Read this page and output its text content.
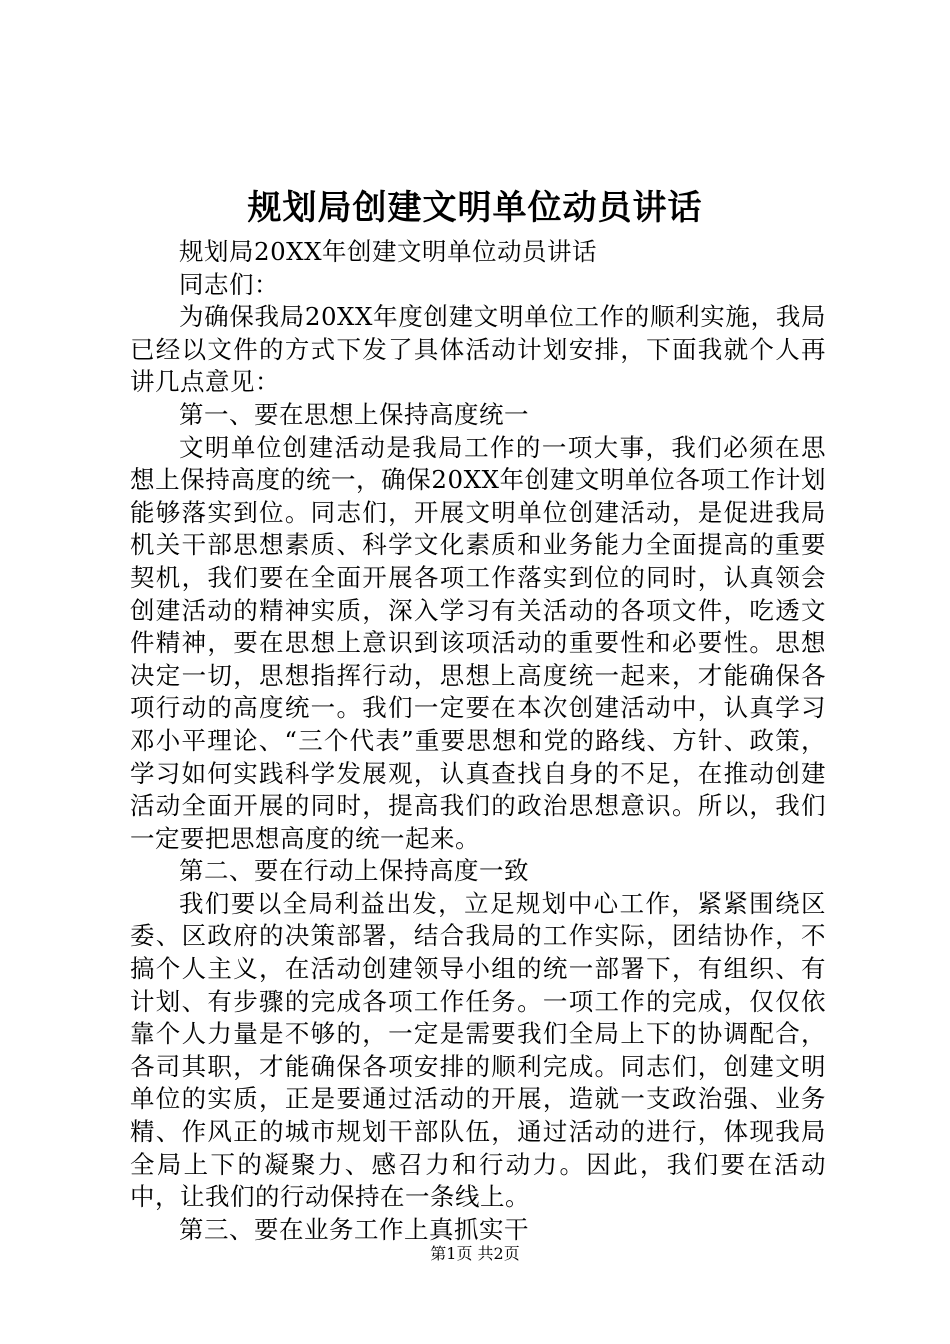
规划局创建文明单位动员讲话

规划局20XX年创建文明单位动员讲话

同志们：

为确保我局20XX年度创建文明单位工作的顺利实施，我局已经以文件的方式下发了具体活动计划安排，下面我就个人再讲几点意见：

第一、要在思想上保持高度统一

文明单位创建活动是我局工作的一项大事，我们必须在思想上保持高度的统一，确保20XX年创建文明单位各项工作计划能够落实到位。同志们，开展文明单位创建活动，是促进我局机关干部思想素质、科学文化素质和业务能力全面提高的重要契机，我们要在全面开展各项工作落实到位的同时，认真领会创建活动的精神实质，深入学习有关活动的各项文件，吃透文件精神，要在思想上意识到该项活动的重要性和必要性。思想决定一切，思想指挥行动，思想上高度统一起来，才能确保各项行动的高度统一。我们一定要在本次创建活动中，认真学习邓小平理论、“三个代表”重要思想和党的路线、方针、政策，学习如何实践科学发展观，认真查找自身的不足，在推动创建活动全面开展的同时，提高我们的政治思想意识。所以，我们一定要把思想高度的统一起来。

第二、要在行动上保持高度一致

我们要以全局利益出发，立足规划中心工作，紧紧围绕区委、区政府的决策部署，结合我局的工作实际，团结协作，不搞个人主义，在活动创建领导小组的统一部署下，有组织、有计划、有步骤的完成各项工作任务。一项工作的完成，仅仅依靠个人力量是不够的，一定是需要我们全局上下的协调配合，各司其职，才能确保各项安排的顺利完成。同志们，创建文明单位的实质，正是要通过活动的开展，造就一支政治强、业务精、作风正的城市规划干部队伍，通过活动的进行，体现我局全局上下的凝聚力、感召力和行动力。因此，我们要在活动中，让我们的行动保持在一条线上。

第三、要在业务工作上真抓实干

第1页 共2页
